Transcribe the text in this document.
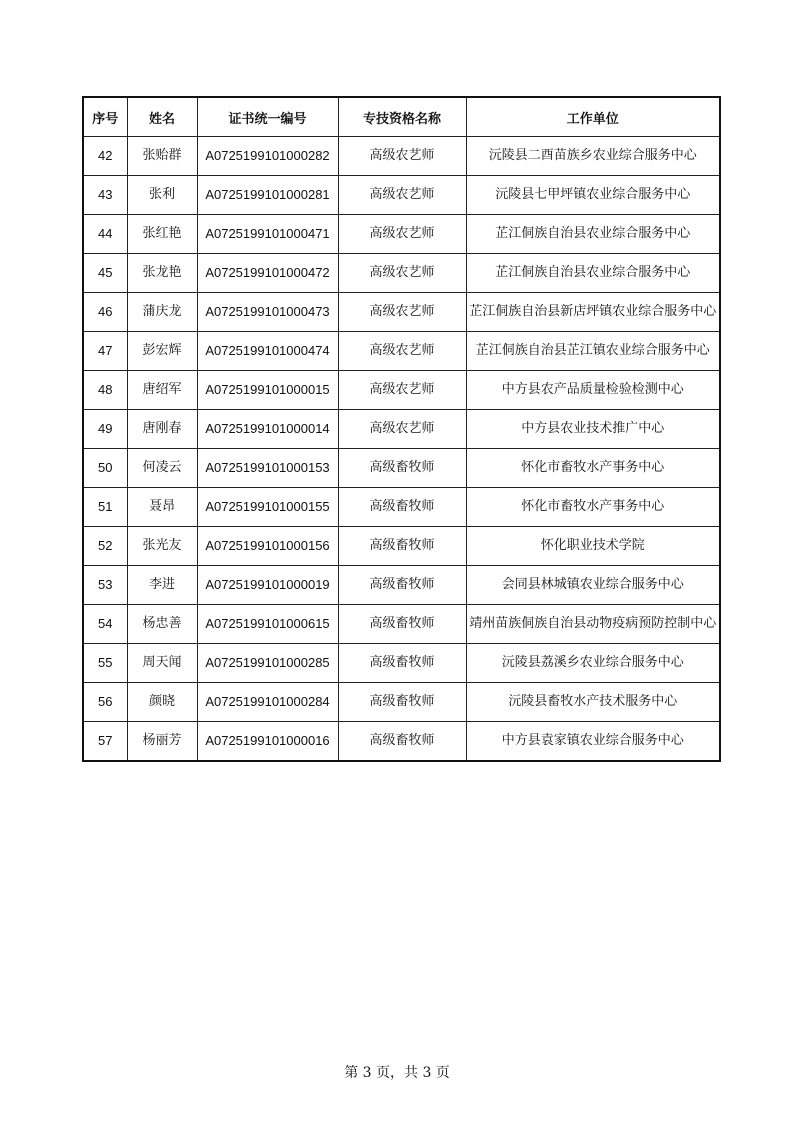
序号	姓名	证书统一编号	专技资格名称	工作单位
42	张贻群	A0725199101000282	高级农艺师	沅陵县二酉苗族乡农业综合服务中心
43	张利	A0725199101000281	高级农艺师	沅陵县七甲坪镇农业综合服务中心
44	张红艳	A0725199101000471	高级农艺师	芷江侗族自治县农业综合服务中心
45	张龙艳	A0725199101000472	高级农艺师	芷江侗族自治县农业综合服务中心
46	蒲庆龙	A0725199101000473	高级农艺师	芷江侗族自治县新店坪镇农业综合服务中心
47	彭宏辉	A0725199101000474	高级农艺师	芷江侗族自治县芷江镇农业综合服务中心
48	唐绍军	A0725199101000015	高级农艺师	中方县农产品质量检验检测中心
49	唐刚春	A0725199101000014	高级农艺师	中方县农业技术推广中心
50	何凌云	A0725199101000153	高级畜牧师	怀化市畜牧水产事务中心
51	聂昂	A0725199101000155	高级畜牧师	怀化市畜牧水产事务中心
52	张光友	A0725199101000156	高级畜牧师	怀化职业技术学院
53	李进	A0725199101000019	高级畜牧师	会同县林城镇农业综合服务中心
54	杨忠善	A0725199101000615	高级畜牧师	靖州苗族侗族自治县动物疫病预防控制中心
55	周天闻	A0725199101000285	高级畜牧师	沅陵县荔溪乡农业综合服务中心
56	颜晓	A0725199101000284	高级畜牧师	沅陵县畜牧水产技术服务中心
57	杨丽芳	A0725199101000016	高级畜牧师	中方县袁家镇农业综合服务中心
第 3 页，共 3 页
